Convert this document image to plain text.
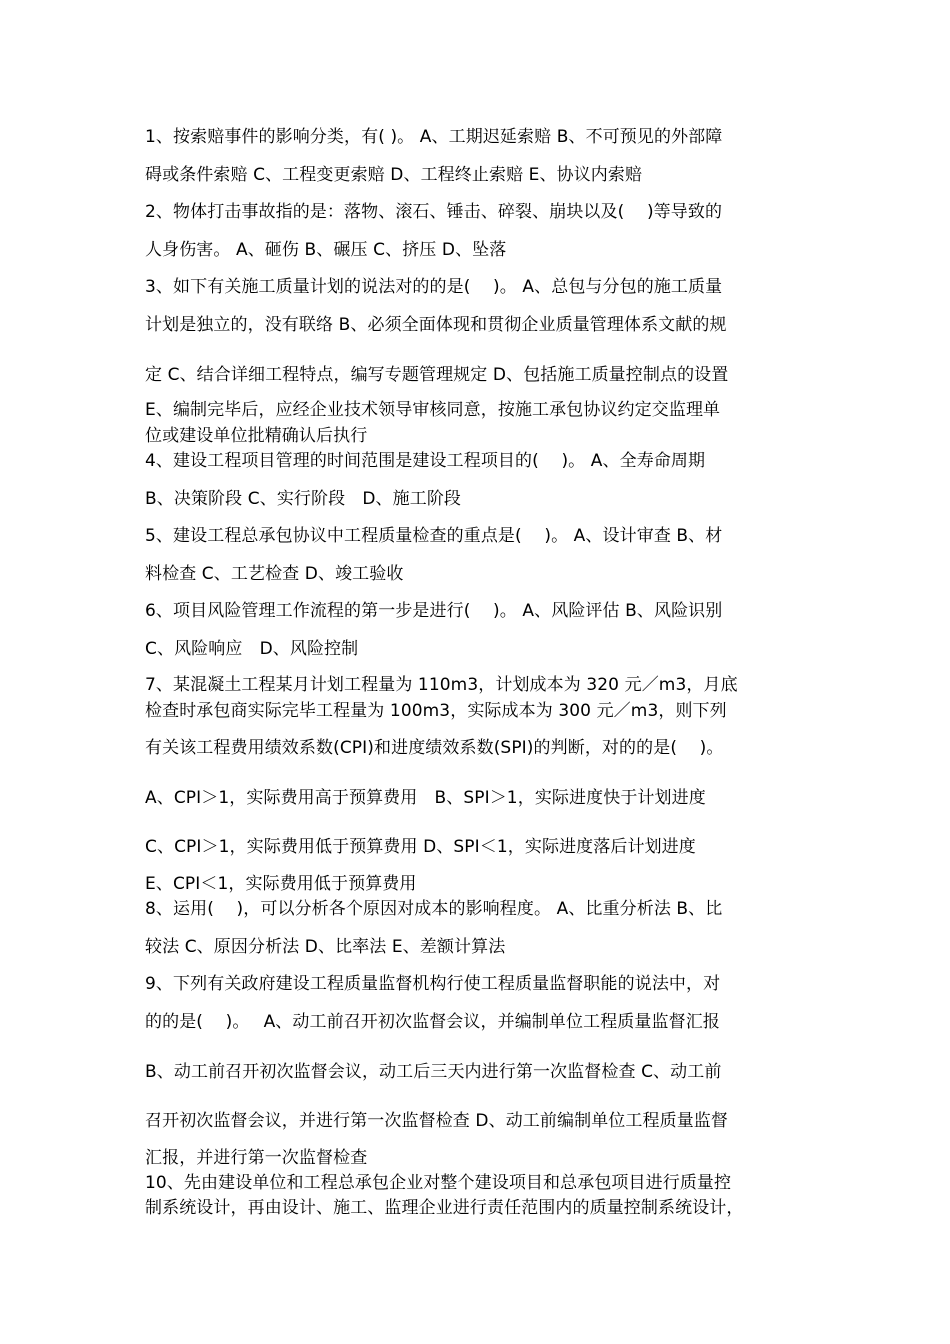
1、按索赔事件的影响分类，有( )。 A、工期迟延索赔 B、不可预见的外部障
碍或条件索赔 C、工程变更索赔 D、工程终止索赔 E、协议内索赔
2、物体打击事故指的是：落物、滚石、锤击、碎裂、崩块以及(　 )等导致的
人身伤害。 A、砸伤 B、碾压 C、挤压 D、坠落
3、如下有关施工质量计划的说法对的的是(　 )。 A、总包与分包的施工质量
计划是独立的，没有联络 B、必须全面体现和贯彻企业质量管理体系文献的规
定 C、结合详细工程特点，编写专题管理规定 D、包括施工质量控制点的设置
E、编制完毕后，应经企业技术领导审核同意，按施工承包协议约定交监理单
位或建设单位批精确认后执行
4、建设工程项目管理的时间范围是建设工程项目的(　 )。 A、全寿命周期
B、决策阶段 C、实行阶段　D、施工阶段
5、建设工程总承包协议中工程质量检查的重点是(　 )。 A、设计审查 B、材
料检查 C、工艺检查 D、竣工验收
6、项目风险管理工作流程的第一步是进行(　 )。 A、风险评估 B、风险识别
C、风险响应　D、风险控制
7、某混凝土工程某月计划工程量为 110m3，计划成本为 320 元／m3，月底
检查时承包商实际完毕工程量为 100m3，实际成本为 300 元／m3，则下列
有关该工程费用绩效系数(CPI)和进度绩效系数(SPI)的判断，对的的是(　 )。
A、CPI＞1，实际费用高于预算费用　B、SPI＞1，实际进度快于计划进度
C、CPI＞1，实际费用低于预算费用 D、SPI＜1，实际进度落后计划进度
E、CPI＜1，实际费用低于预算费用
8、运用(　 )，可以分析各个原因对成本的影响程度。 A、比重分析法 B、比
较法 C、原因分析法 D、比率法 E、差额计算法
9、下列有关政府建设工程质量监督机构行使工程质量监督职能的说法中，对
的的是(　 )。　 A、动工前召开初次监督会议，并编制单位工程质量监督汇报
B、动工前召开初次监督会议，动工后三天内进行第一次监督检查 C、动工前
召开初次监督会议，并进行第一次监督检查 D、动工前编制单位工程质量监督
汇报，并进行第一次监督检查
10、先由建设单位和工程总承包企业对整个建设项目和总承包项目进行质量控
制系统设计，再由设计、施工、监理企业进行责任范围内的质量控制系统设计，
